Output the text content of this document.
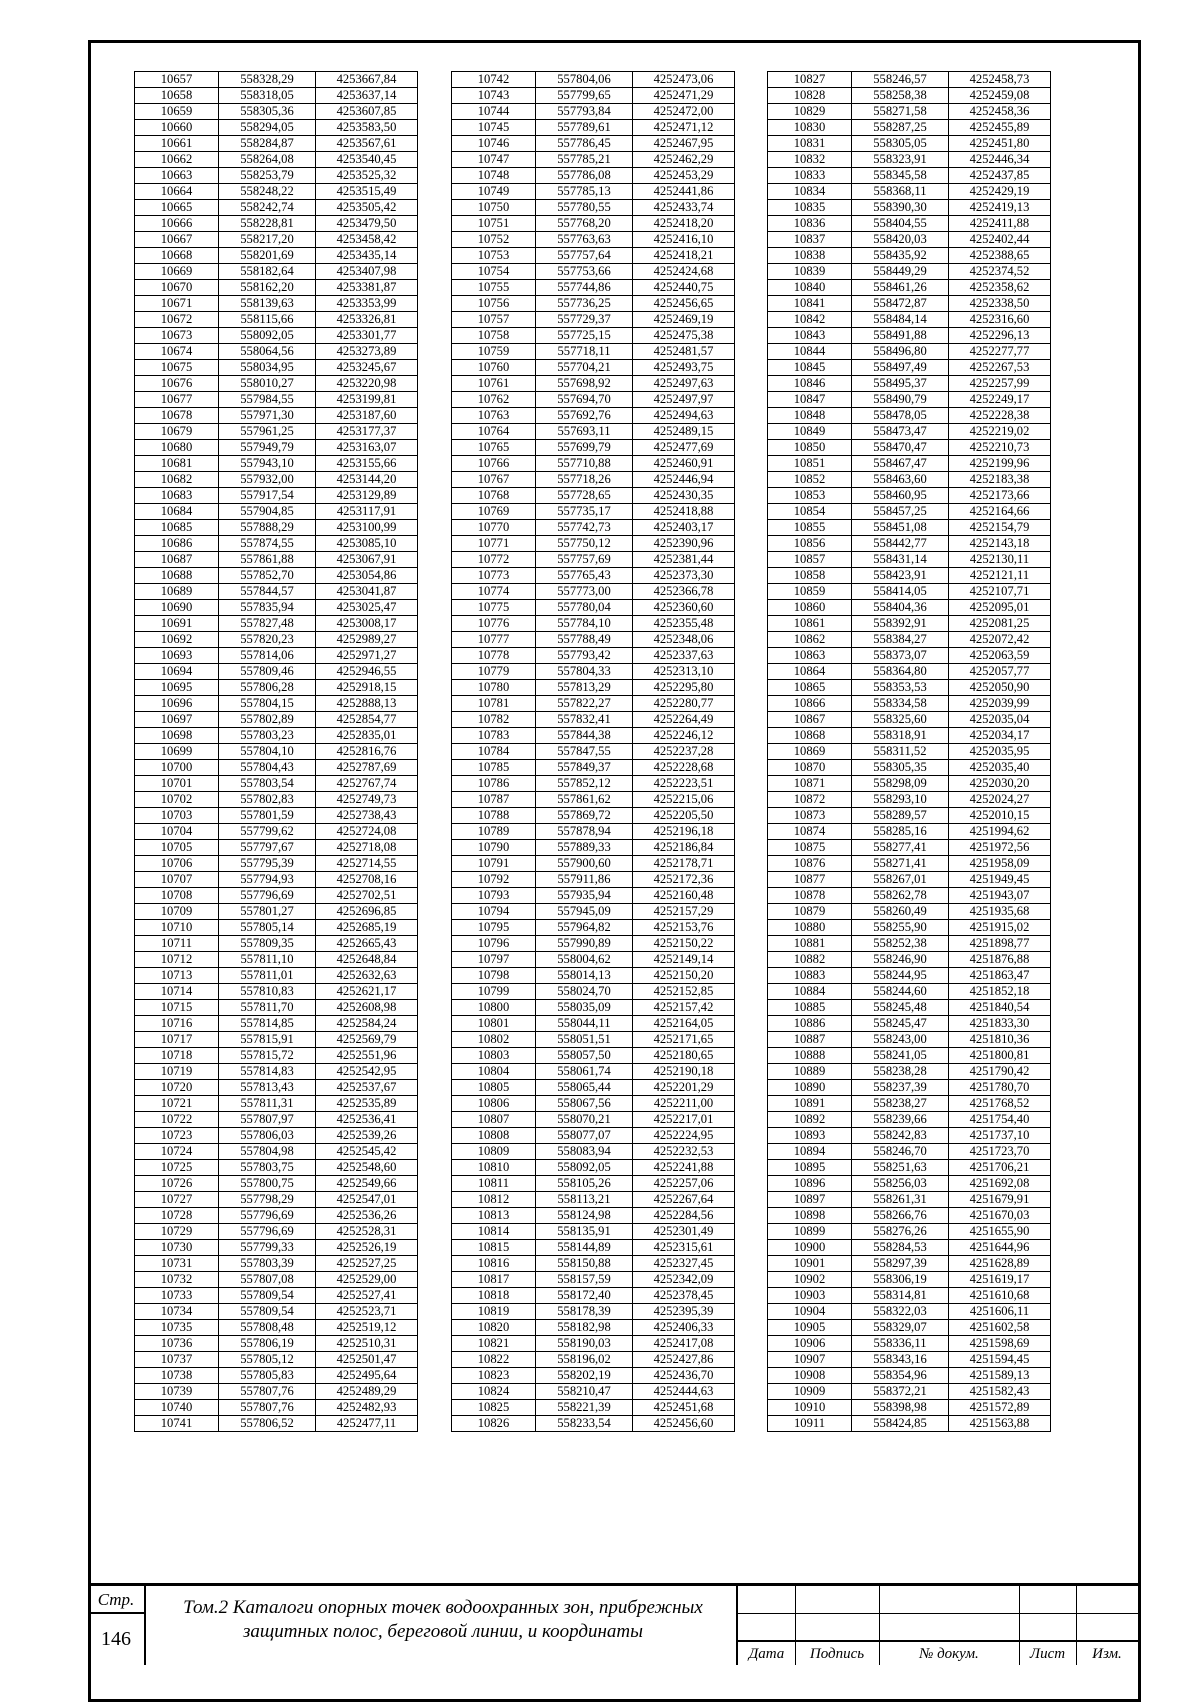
10657	558328,29	4253667,84
10658	558318,05	4253637,14
10659	558305,36	4253607,85
10660	558294,05	4253583,50
10661	558284,87	4253567,61
10662	558264,08	4253540,45
10663	558253,79	4253525,32
10664	558248,22	4253515,49
10665	558242,74	4253505,42
10666	558228,81	4253479,50
10667	558217,20	4253458,42
10668	558201,69	4253435,14
10669	558182,64	4253407,98
10670	558162,20	4253381,87
10671	558139,63	4253353,99
10672	558115,66	4253326,81
10673	558092,05	4253301,77
10674	558064,56	4253273,89
10675	558034,95	4253245,67
10676	558010,27	4253220,98
10677	557984,55	4253199,81
10678	557971,30	4253187,60
10679	557961,25	4253177,37
10680	557949,79	4253163,07
10681	557943,10	4253155,66
10682	557932,00	4253144,20
10683	557917,54	4253129,89
10684	557904,85	4253117,91
10685	557888,29	4253100,99
10686	557874,55	4253085,10
10687	557861,88	4253067,91
10688	557852,70	4253054,86
10689	557844,57	4253041,87
10690	557835,94	4253025,47
10691	557827,48	4253008,17
10692	557820,23	4252989,27
10693	557814,06	4252971,27
10694	557809,46	4252946,55
10695	557806,28	4252918,15
10696	557804,15	4252888,13
10697	557802,89	4252854,77
10698	557803,23	4252835,01
10699	557804,10	4252816,76
10700	557804,43	4252787,69
10701	557803,54	4252767,74
10702	557802,83	4252749,73
10703	557801,59	4252738,43
10704	557799,62	4252724,08
10705	557797,67	4252718,08
10706	557795,39	4252714,55
10707	557794,93	4252708,16
10708	557796,69	4252702,51
10709	557801,27	4252696,85
10710	557805,14	4252685,19
10711	557809,35	4252665,43
10712	557811,10	4252648,84
10713	557811,01	4252632,63
10714	557810,83	4252621,17
10715	557811,70	4252608,98
10716	557814,85	4252584,24
10717	557815,91	4252569,79
10718	557815,72	4252551,96
10719	557814,83	4252542,95
10720	557813,43	4252537,67
10721	557811,31	4252535,89
10722	557807,97	4252536,41
10723	557806,03	4252539,26
10724	557804,98	4252545,42
10725	557803,75	4252548,60
10726	557800,75	4252549,66
10727	557798,29	4252547,01
10728	557796,69	4252536,26
10729	557796,69	4252528,31
10730	557799,33	4252526,19
10731	557803,39	4252527,25
10732	557807,08	4252529,00
10733	557809,54	4252527,41
10734	557809,54	4252523,71
10735	557808,48	4252519,12
10736	557806,19	4252510,31
10737	557805,12	4252501,47
10738	557805,83	4252495,64
10739	557807,76	4252489,29
10740	557807,76	4252482,93
10741	557806,52	4252477,11
10742	557804,06	4252473,06
10743	557799,65	4252471,29
10744	557793,84	4252472,00
10745	557789,61	4252471,12
10746	557786,45	4252467,95
10747	557785,21	4252462,29
10748	557786,08	4252453,29
10749	557785,13	4252441,86
10750	557780,55	4252433,74
10751	557768,20	4252418,20
10752	557763,63	4252416,10
10753	557757,64	4252418,21
10754	557753,66	4252424,68
10755	557744,86	4252440,75
10756	557736,25	4252456,65
10757	557729,37	4252469,19
10758	557725,15	4252475,38
10759	557718,11	4252481,57
10760	557704,21	4252493,75
10761	557698,92	4252497,63
10762	557694,70	4252497,97
10763	557692,76	4252494,63
10764	557693,11	4252489,15
10765	557699,79	4252477,69
10766	557710,88	4252460,91
10767	557718,26	4252446,94
10768	557728,65	4252430,35
10769	557735,17	4252418,88
10770	557742,73	4252403,17
10771	557750,12	4252390,96
10772	557757,69	4252381,44
10773	557765,43	4252373,30
10774	557773,00	4252366,78
10775	557780,04	4252360,60
10776	557784,10	4252355,48
10777	557788,49	4252348,06
10778	557793,42	4252337,63
10779	557804,33	4252313,10
10780	557813,29	4252295,80
10781	557822,27	4252280,77
10782	557832,41	4252264,49
10783	557844,38	4252246,12
10784	557847,55	4252237,28
10785	557849,37	4252228,68
10786	557852,12	4252223,51
10787	557861,62	4252215,06
10788	557869,72	4252205,50
10789	557878,94	4252196,18
10790	557889,33	4252186,84
10791	557900,60	4252178,71
10792	557911,86	4252172,36
10793	557935,94	4252160,48
10794	557945,09	4252157,29
10795	557964,82	4252153,76
10796	557990,89	4252150,22
10797	558004,62	4252149,14
10798	558014,13	4252150,20
10799	558024,70	4252152,85
10800	558035,09	4252157,42
10801	558044,11	4252164,05
10802	558051,51	4252171,65
10803	558057,50	4252180,65
10804	558061,74	4252190,18
10805	558065,44	4252201,29
10806	558067,56	4252211,00
10807	558070,21	4252217,01
10808	558077,07	4252224,95
10809	558083,94	4252232,53
10810	558092,05	4252241,88
10811	558105,26	4252257,06
10812	558113,21	4252267,64
10813	558124,98	4252284,56
10814	558135,91	4252301,49
10815	558144,89	4252315,61
10816	558150,88	4252327,45
10817	558157,59	4252342,09
10818	558172,40	4252378,45
10819	558178,39	4252395,39
10820	558182,98	4252406,33
10821	558190,03	4252417,08
10822	558196,02	4252427,86
10823	558202,19	4252436,70
10824	558210,47	4252444,63
10825	558221,39	4252451,68
10826	558233,54	4252456,60
10827	558246,57	4252458,73
10828	558258,38	4252459,08
10829	558271,58	4252458,36
10830	558287,25	4252455,89
10831	558305,05	4252451,80
10832	558323,91	4252446,34
10833	558345,58	4252437,85
10834	558368,11	4252429,19
10835	558390,30	4252419,13
10836	558404,55	4252411,88
10837	558420,03	4252402,44
10838	558435,92	4252388,65
10839	558449,29	4252374,52
10840	558461,26	4252358,62
10841	558472,87	4252338,50
10842	558484,14	4252316,60
10843	558491,88	4252296,13
10844	558496,80	4252277,77
10845	558497,49	4252267,53
10846	558495,37	4252257,99
10847	558490,79	4252249,17
10848	558478,05	4252228,38
10849	558473,47	4252219,02
10850	558470,47	4252210,73
10851	558467,47	4252199,96
10852	558463,60	4252183,38
10853	558460,95	4252173,66
10854	558457,25	4252164,66
10855	558451,08	4252154,79
10856	558442,77	4252143,18
10857	558431,14	4252130,11
10858	558423,91	4252121,11
10859	558414,05	4252107,71
10860	558404,36	4252095,01
10861	558392,91	4252081,25
10862	558384,27	4252072,42
10863	558373,07	4252063,59
10864	558364,80	4252057,77
10865	558353,53	4252050,90
10866	558334,58	4252039,99
10867	558325,60	4252035,04
10868	558318,91	4252034,17
10869	558311,52	4252035,95
10870	558305,35	4252035,40
10871	558298,09	4252030,20
10872	558293,10	4252024,27
10873	558289,57	4252010,15
10874	558285,16	4251994,62
10875	558277,41	4251972,56
10876	558271,41	4251958,09
10877	558267,01	4251949,45
10878	558262,78	4251943,07
10879	558260,49	4251935,68
10880	558255,90	4251915,02
10881	558252,38	4251898,77
10882	558246,90	4251876,88
10883	558244,95	4251863,47
10884	558244,60	4251852,18
10885	558245,48	4251840,54
10886	558245,47	4251833,30
10887	558243,00	4251810,36
10888	558241,05	4251800,81
10889	558238,28	4251790,42
10890	558237,39	4251780,70
10891	558238,27	4251768,52
10892	558239,66	4251754,40
10893	558242,83	4251737,10
10894	558246,70	4251723,70
10895	558251,63	4251706,21
10896	558256,03	4251692,08
10897	558261,31	4251679,91
10898	558266,76	4251670,03
10899	558276,26	4251655,90
10900	558284,53	4251644,96
10901	558297,39	4251628,89
10902	558306,19	4251619,17
10903	558314,81	4251610,68
10904	558322,03	4251606,11
10905	558329,07	4251602,58
10906	558336,11	4251598,69
10907	558343,16	4251594,45
10908	558354,96	4251589,13
10909	558372,21	4251582,43
10910	558398,98	4251572,89
10911	558424,85	4251563,88
Стр.
146
Том.2 Каталоги опорных точек водоохранных зон, прибрежных защитных полос, береговой линии, и координаты
Дата	Подпись	№ докум.	Лист	Изм.
